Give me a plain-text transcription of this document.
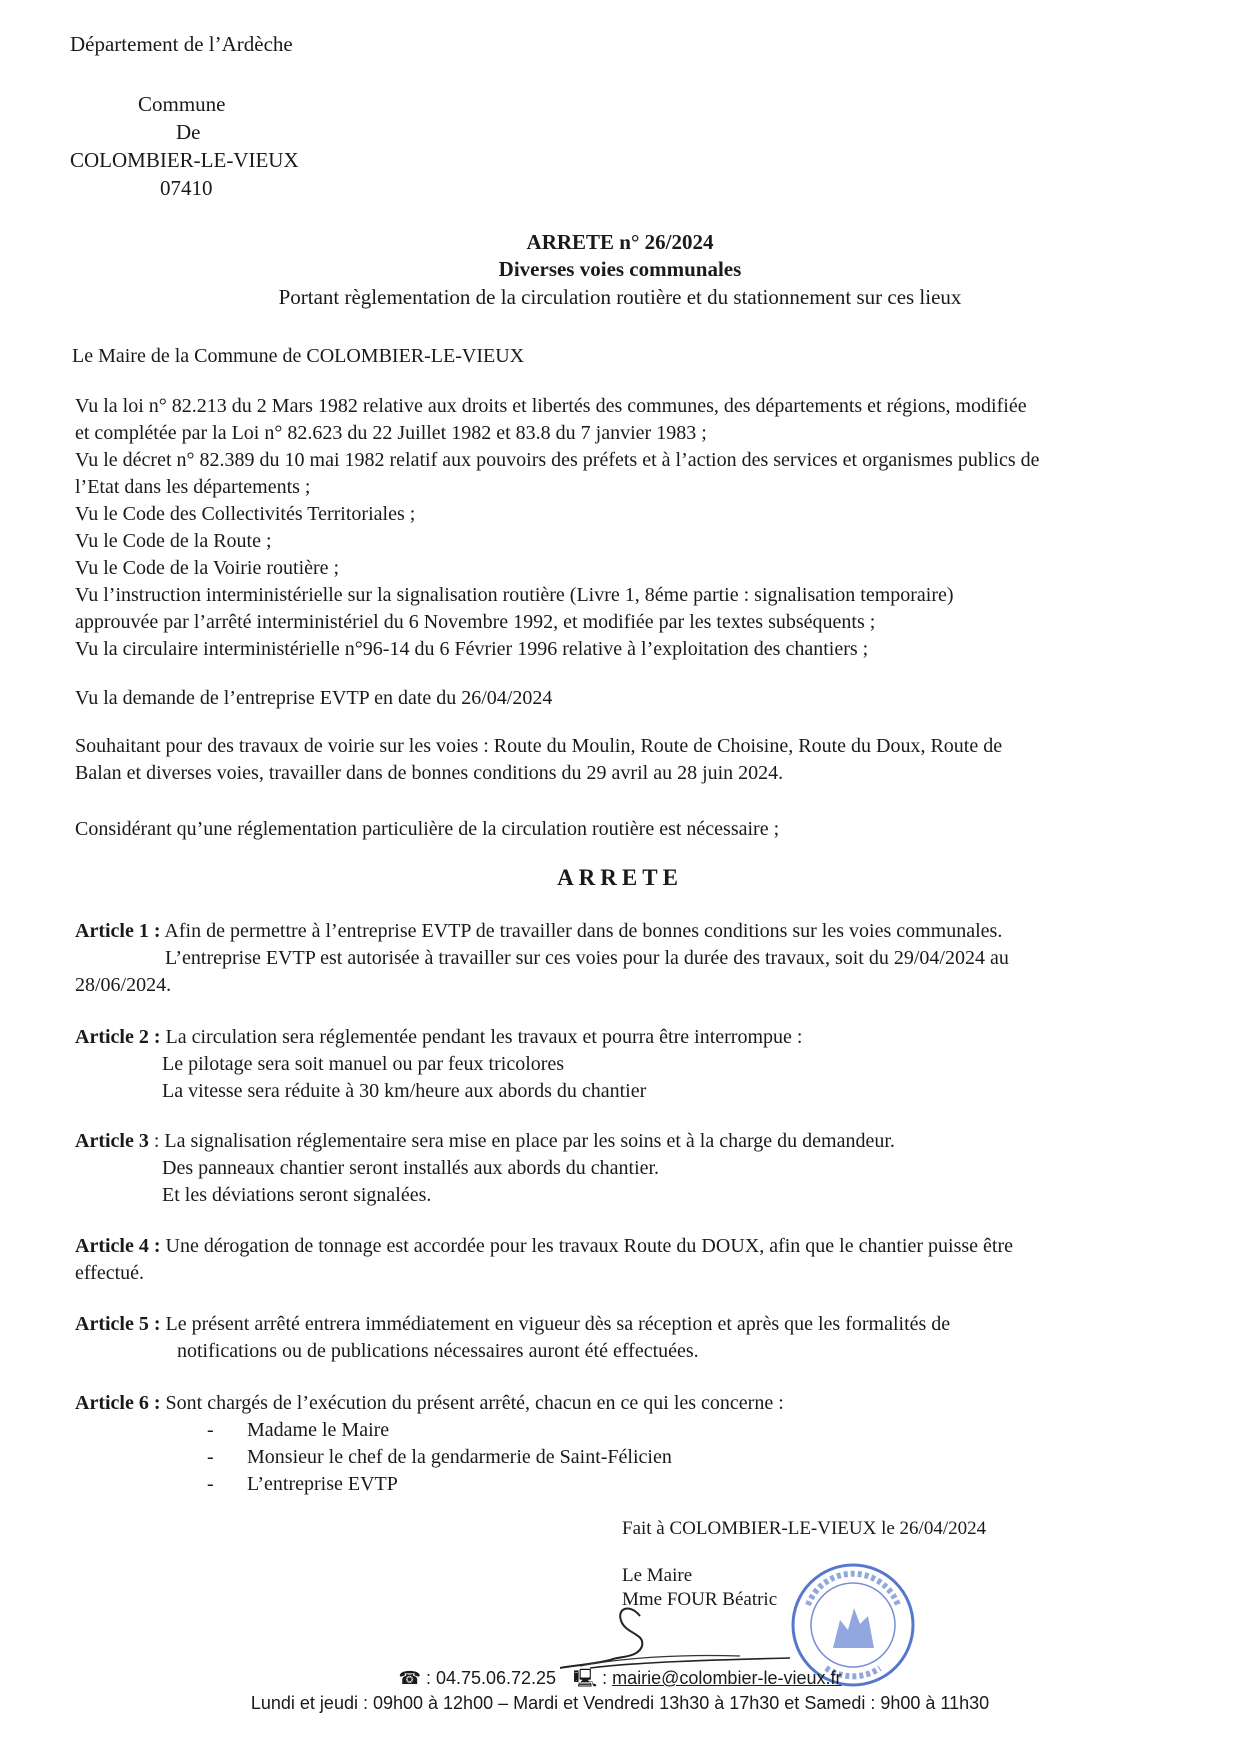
Département de l’Ardèche
Commune
De
COLOMBIER-LE-VIEUX
07410
ARRETE n° 26/2024
Diverses voies communales
Portant règlementation de la circulation routière et du stationnement sur ces lieux
Le Maire de la Commune de COLOMBIER-LE-VIEUX
Vu la loi n° 82.213 du 2 Mars 1982 relative aux droits et libertés des communes, des départements et régions, modifiée
et complétée par la Loi n° 82.623 du 22 Juillet 1982 et 83.8 du 7 janvier 1983 ;
Vu le décret n° 82.389 du 10 mai 1982 relatif aux pouvoirs des préfets et à l’action des services et organismes publics de
l’Etat dans les départements ;
Vu le Code des Collectivités Territoriales ;
Vu le Code de la Route ;
Vu le Code de la Voirie routière ;
Vu l’instruction interministérielle sur la signalisation routière (Livre 1, 8éme partie : signalisation temporaire)
approuvée par l’arrêté interministériel du 6 Novembre 1992, et modifiée par les textes subséquents ;
Vu la circulaire interministérielle n°96-14 du 6 Février 1996 relative à l’exploitation des chantiers ;
Vu la demande de l’entreprise EVTP en date du 26/04/2024
Souhaitant pour des travaux de voirie sur les voies : Route du Moulin, Route de Choisine, Route du Doux, Route de
Balan et diverses voies, travailler dans de bonnes conditions du 29 avril au 28 juin 2024.
Considérant qu’une réglementation particulière de la circulation routière est nécessaire ;
ARRETE
Article 1 : Afin de permettre à l’entreprise EVTP de travailler dans de bonnes conditions sur les voies communales.
L’entreprise EVTP est autorisée à travailler sur ces voies pour la durée des travaux, soit du 29/04/2024 au
28/06/2024.
Article 2 : La circulation sera réglementée pendant les travaux et pourra être interrompue :
Le pilotage sera soit manuel ou par feux tricolores
La vitesse sera réduite à 30 km/heure aux abords du chantier
Article 3 : La signalisation réglementaire sera mise en place par les soins et à la charge du demandeur.
Des panneaux chantier seront installés aux abords du chantier.
Et les déviations seront signalées.
Article 4 : Une dérogation de tonnage est accordée pour les travaux Route du DOUX, afin que le chantier puisse être
effectué.
Article 5 : Le présent arrêté entrera immédiatement en vigueur dès sa réception et après que les formalités de
notifications ou de publications nécessaires auront été effectuées.
Article 6 : Sont chargés de l’exécution du présent arrêté, chacun en ce qui les concerne :
- Madame le Maire
- Monsieur le chef de la gendarmerie de Saint-Félicien
- L’entreprise EVTP
Fait à COLOMBIER-LE-VIEUX le 26/04/2024
Le Maire
Mme FOUR Béatric
☎ : 04.75.06.72.25 🖳 : mairie@colombier-le-vieux.fr
Lundi et jeudi : 09h00 à 12h00 – Mardi et Vendredi 13h30 à 17h30 et Samedi : 9h00 à 11h30
